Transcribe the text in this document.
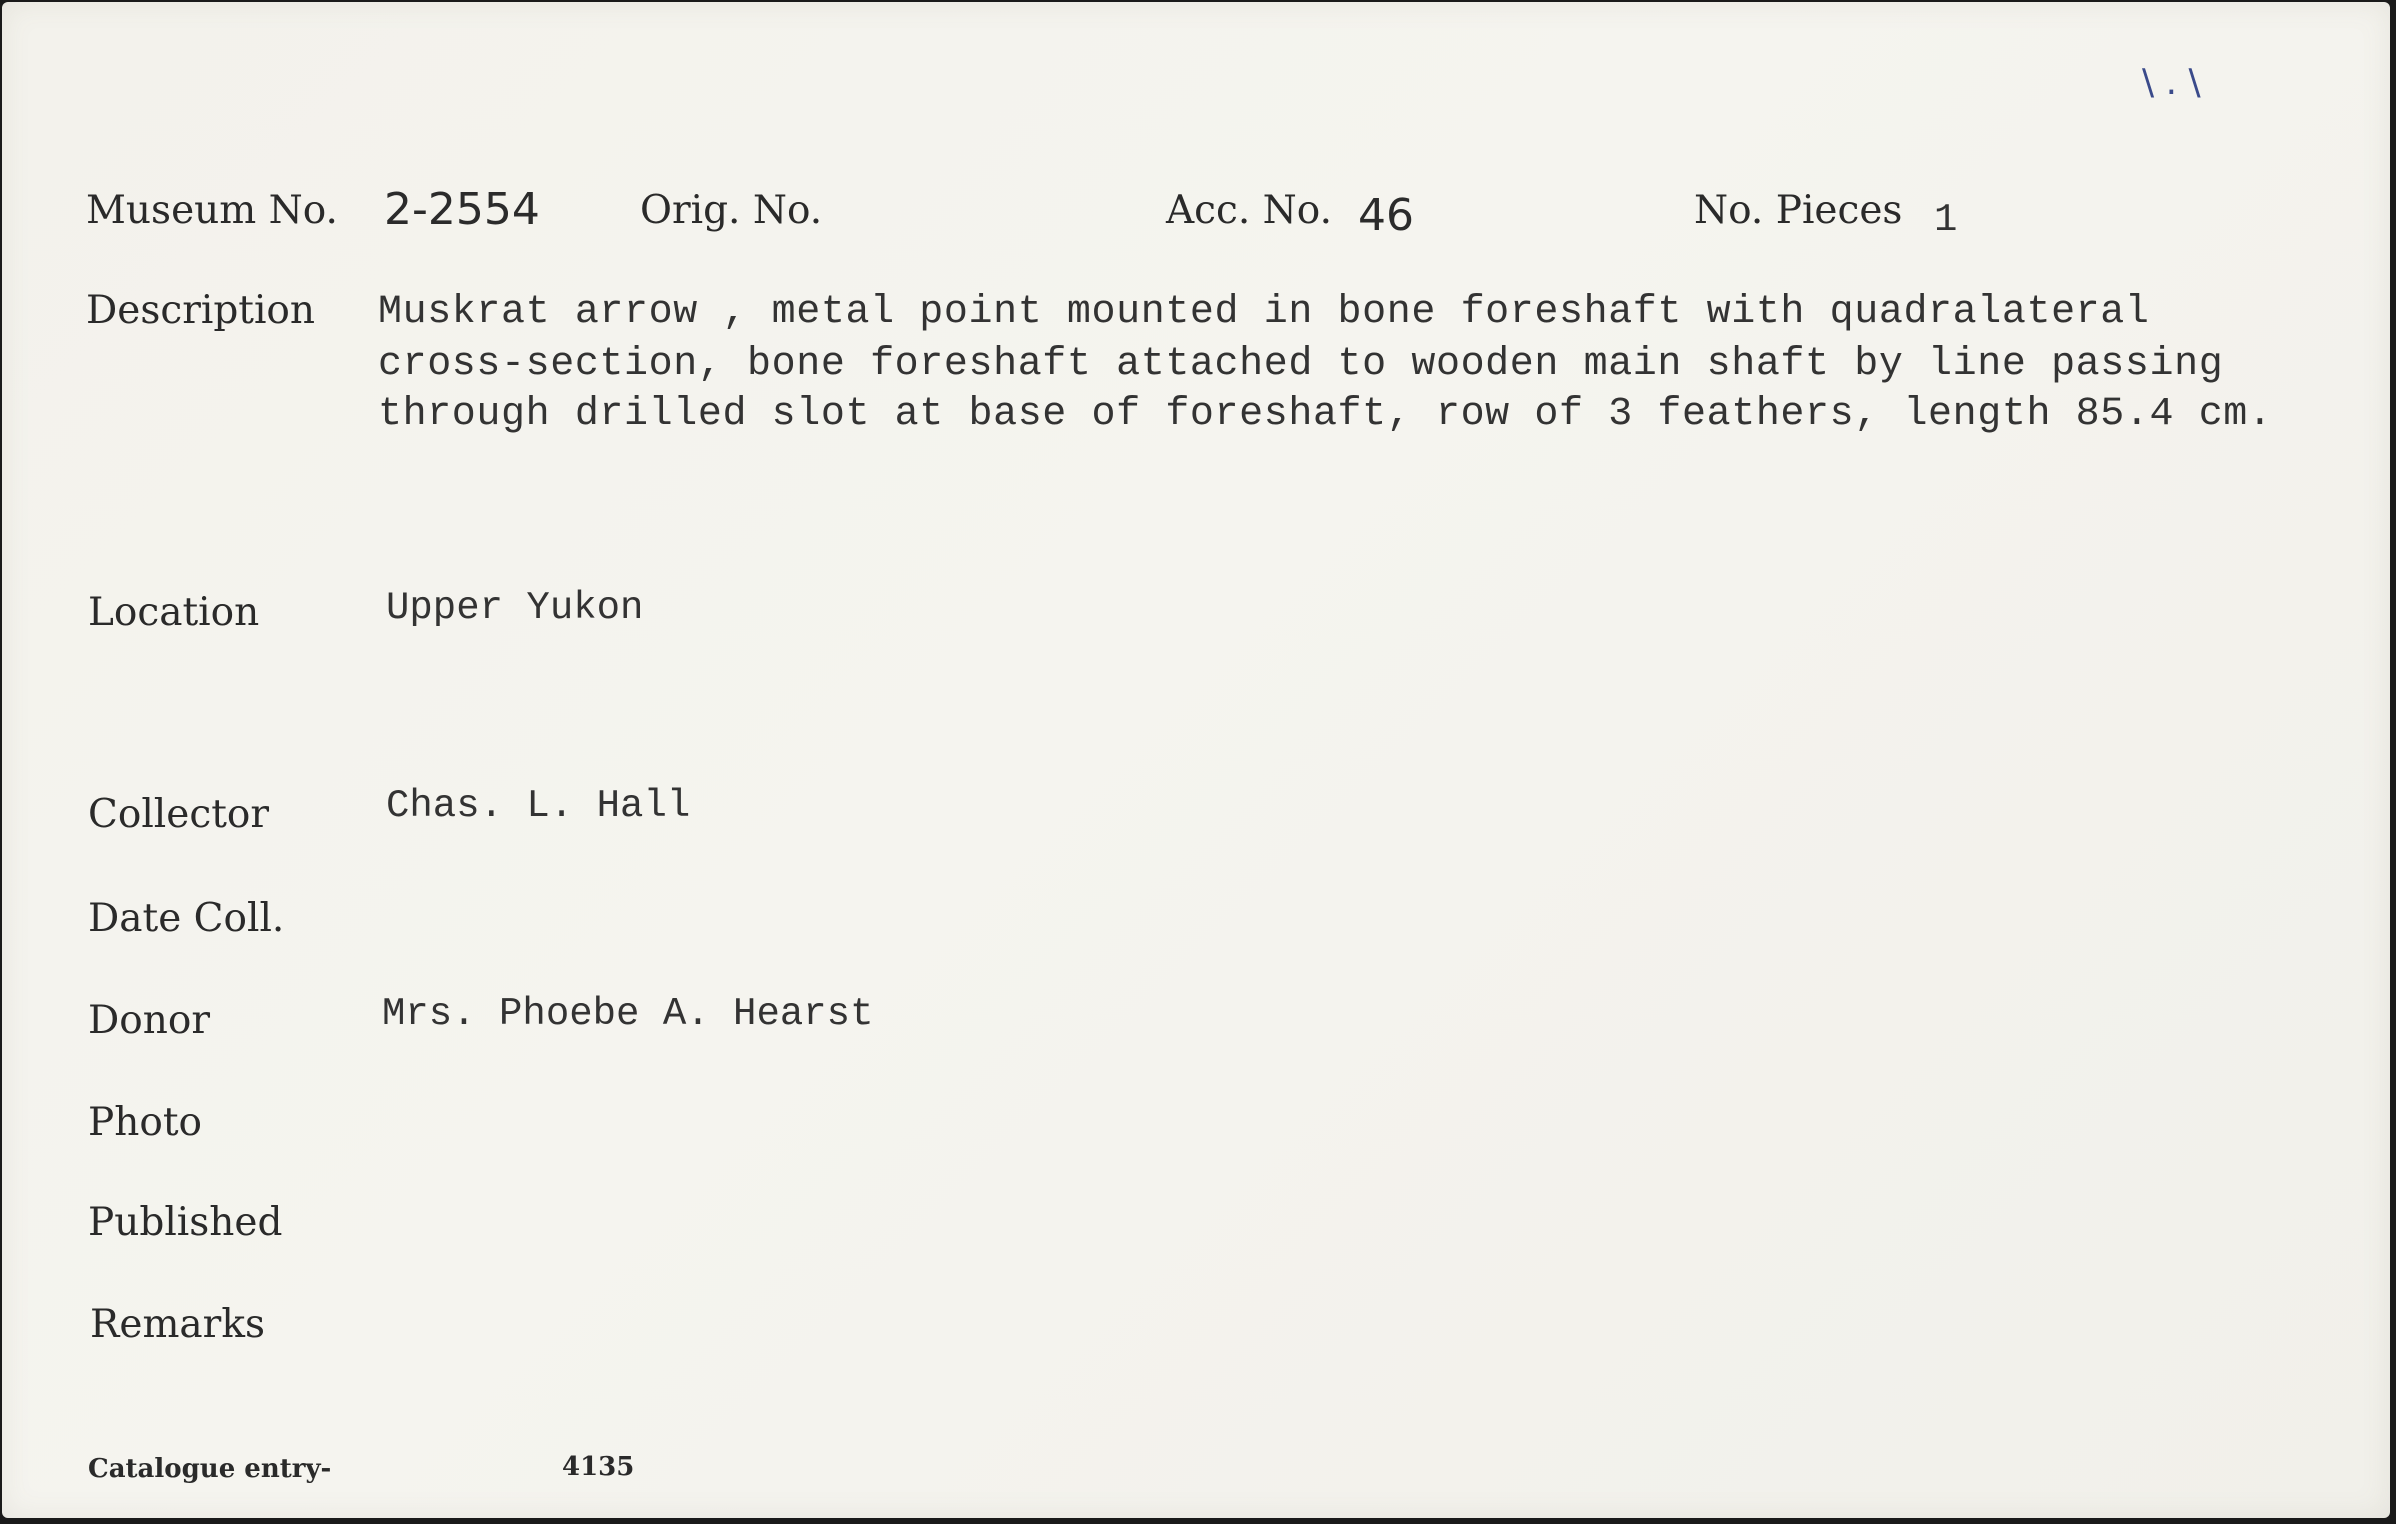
\ . \
Museum No. 2-2554	Orig. No.	Acc. No. 46	No. Pieces 1
Description Muskrat arrow , metal point mounted in bone foreshaft with quadralateral
cross-section, bone foreshaft attached to wooden main shaft by line passing
through drilled slot at base of foreshaft, row of 3 feathers, length 85.4 cm.
Location	Upper Yukon
Collector	Chas. L. Hall
Date Coll.
Donor	Mrs. Phoebe A. Hearst
Photo
Published
Remarks
Catalogue entry-	4135
